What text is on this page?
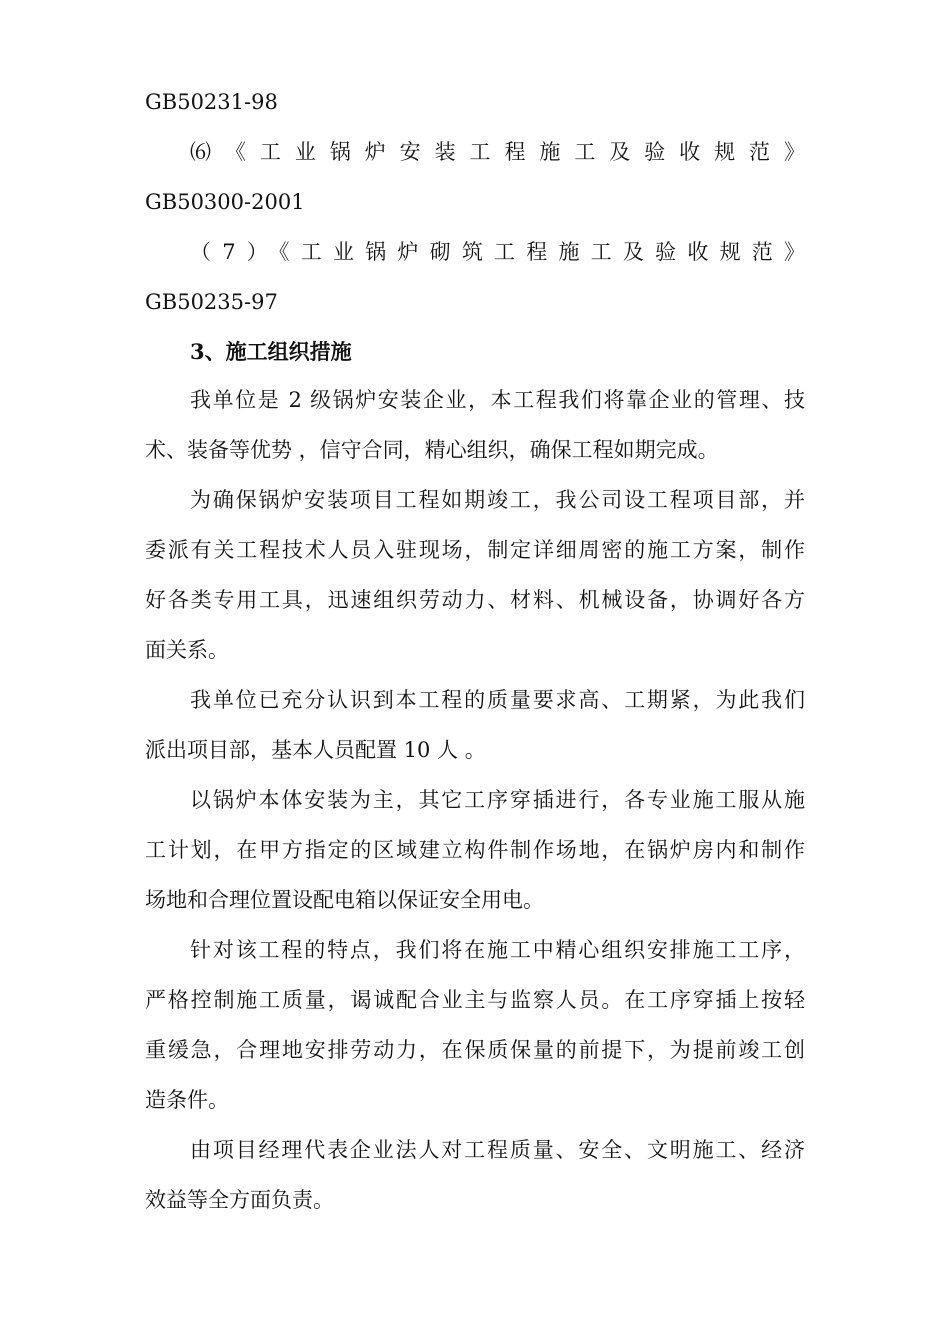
GB50231-98
⑹《工业锅炉安装工程施工及验收规范》
GB50300-2001
（7）《工业锅炉砌筑工程施工及验收规范》
GB50235-97
3、施工组织措施
我单位是 2 级锅炉安装企业，本工程我们将靠企业的管理、技
术、装备等优势 ，信守合同，精心组织，确保工程如期完成。
为确保锅炉安装项目工程如期竣工，我公司设工程项目部，并
委派有关工程技术人员入驻现场，制定详细周密的施工方案，制作
好各类专用工具，迅速组织劳动力、材料、机械设备，协调好各方
面关系。
我单位已充分认识到本工程的质量要求高、工期紧，为此我们
派出项目部，基本人员配置 10 人 。
以锅炉本体安装为主，其它工序穿插进行，各专业施工服从施
工计划，在甲方指定的区域建立构件制作场地，在锅炉房内和制作
场地和合理位置设配电箱以保证安全用电。
针对该工程的特点，我们将在施工中精心组织安排施工工序，
严格控制施工质量，谒诚配合业主与监察人员。在工序穿插上按轻
重缓急，合理地安排劳动力，在保质保量的前提下，为提前竣工创
造条件。
由项目经理代表企业法人对工程质量、安全、文明施工、经济
效益等全方面负责。
